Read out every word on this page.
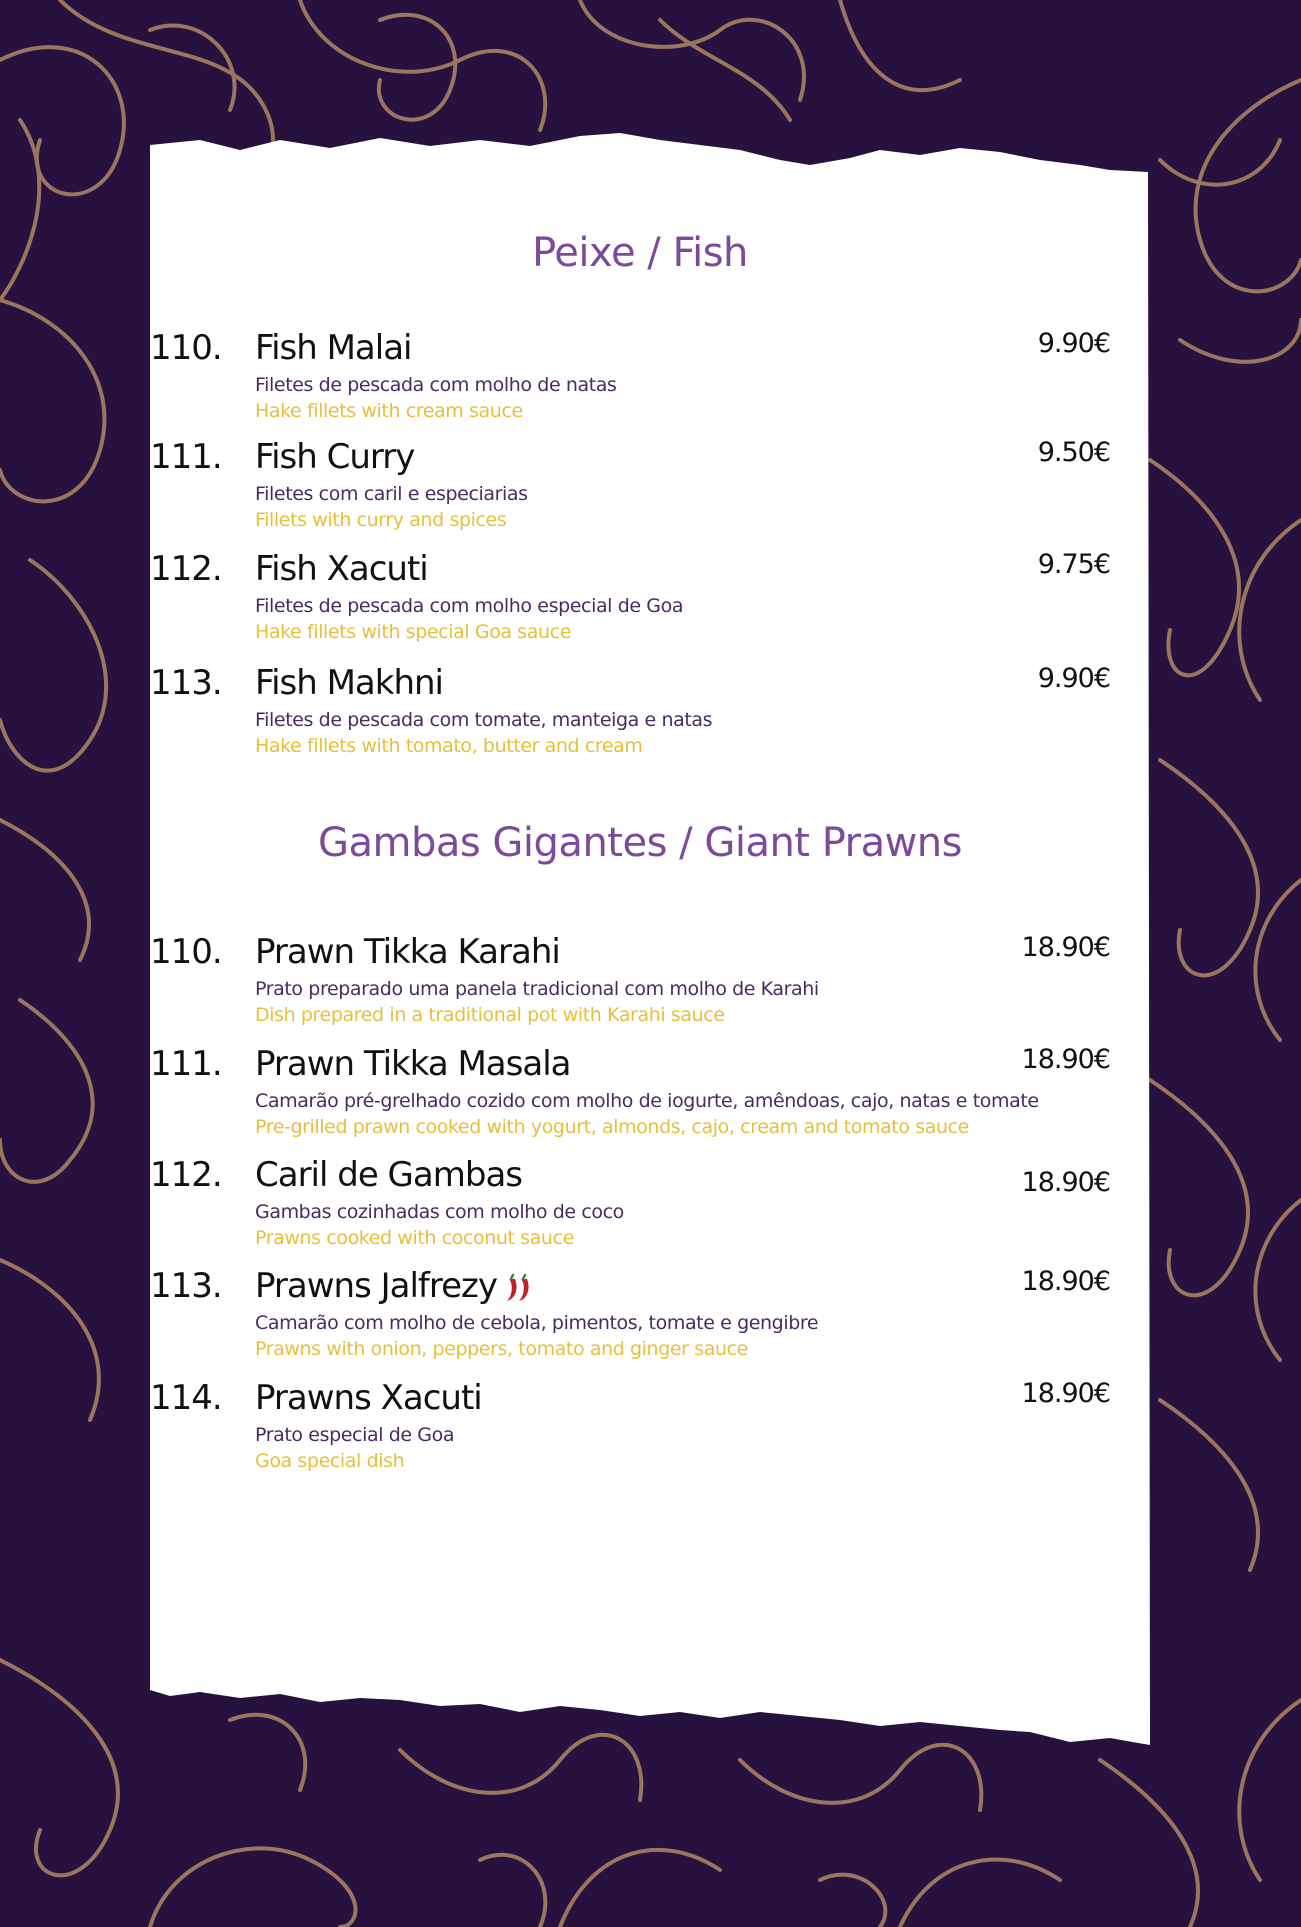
Peixe / Fish
110. Fish Malai	9.90€
Filetes de pescada com molho de natas
Hake fillets with cream sauce
111. Fish Curry	9.50€
Filetes com caril e especiarias
Fillets with curry and spices
112. Fish Xacuti	9.75€
Filetes de pescada com molho especial de Goa
Hake fillets with special Goa sauce
113. Fish Makhni	9.90€
Filetes de pescada com tomate, manteiga e natas
Hake fillets with tomato, butter and cream
Gambas Gigantes / Giant Prawns
110. Prawn Tikka Karahi	18.90€
Prato preparado uma panela tradicional com molho de Karahi
Dish prepared in a traditional pot with Karahi sauce
111. Prawn Tikka Masala	18.90€
Camarão pré-grelhado cozido com molho de iogurte, amêndoas, cajo, natas e tomate
Pre-grilled prawn cooked with yogurt, almonds, cajo, cream and tomato sauce
112. Caril de Gambas	18.90€
Gambas cozinhadas com molho de coco
Prawns cooked with coconut sauce
113. Prawns Jalfrezy	18.90€
Camarão com molho de cebola, pimentos, tomate e gengibre
Prawns with onion, peppers, tomato and ginger sauce
114. Prawns Xacuti	18.90€
Prato especial de Goa
Goa special dish
